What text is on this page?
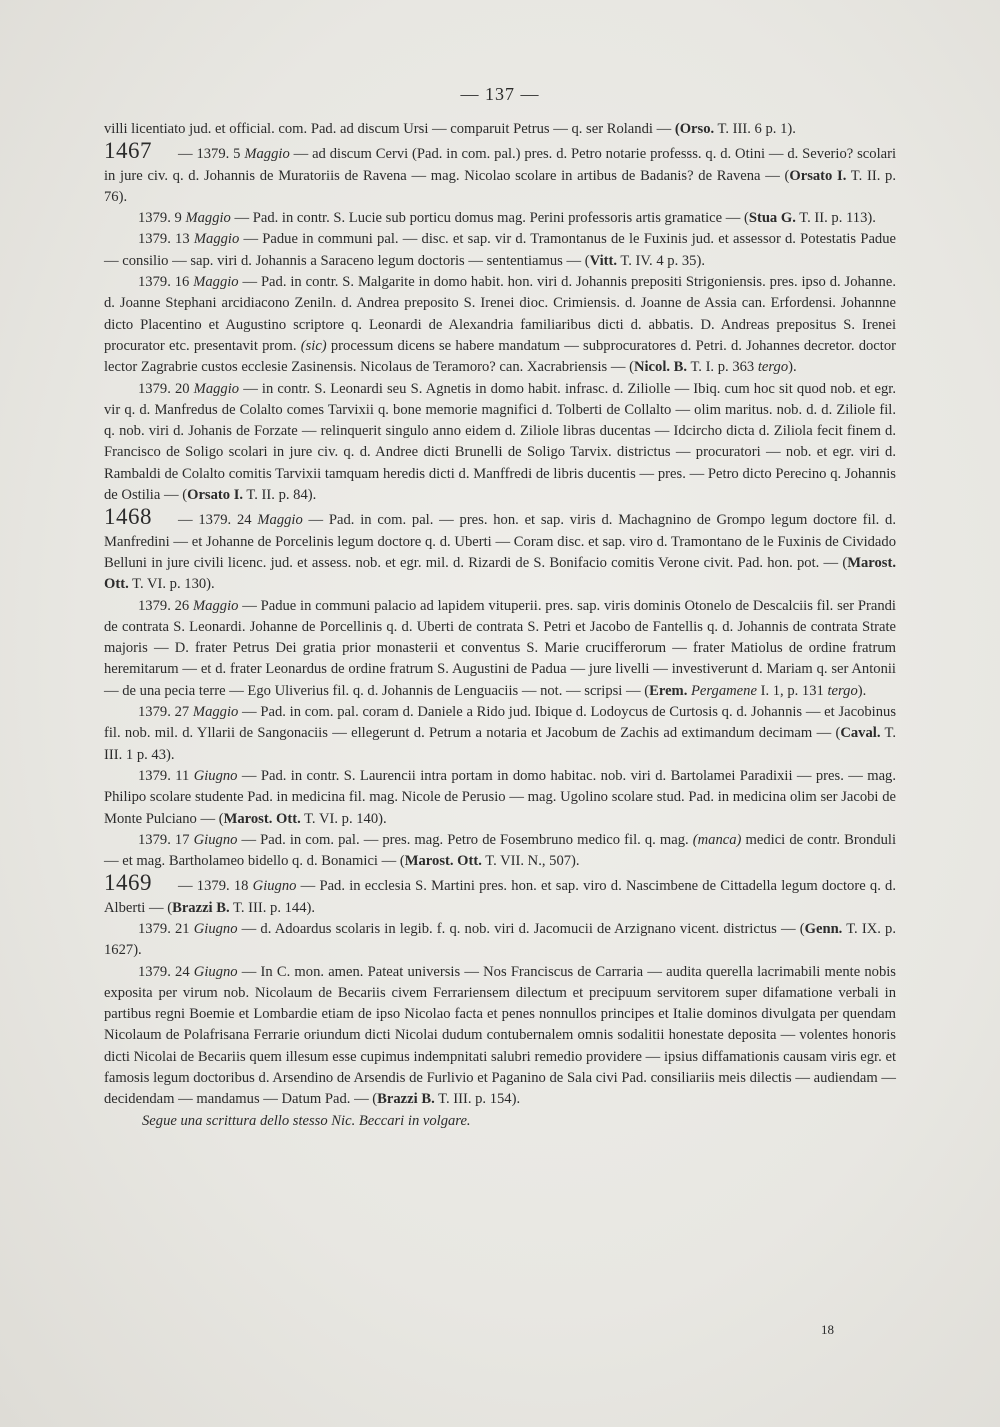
— 137 —

villi licentiato jud. et official. com. Pad. ad discum Ursi — comparuit Petrus — q. ser Rolandi — (Orso. T. III. 6 p. 1).

1467 — 1379. 5 Maggio — ad discum Cervi (Pad. in com. pal.) pres. d. Petro notarie professs. q. d. Otini — d. Severio? scolari in jure civ. q. d. Johannis de Muratoriis de Ravena — mag. Nicolao scolare in artibus de Badanis? de Ravena — (Orsato I. T. II. p. 76).

1379. 9 Maggio — Pad. in contr. S. Lucie sub porticu domus mag. Perini professoris artis gramatice — (Stua G. T. II. p. 113).

1379. 13 Maggio — Padue in communi pal. — disc. et sap. vir d. Tramontanus de le Fuxinis jud. et assessor d. Potestatis Padue — consilio — sap. viri d. Johannis a Saraceno legum doctoris — sententiamus — (Vitt. T. IV. 4 p. 35).

1379. 16 Maggio — Pad. in contr. S. Malgarite in domo habit. hon. viri d. Johannis prepositi Strigoniensis. pres. ipso d. Johanne. d. Joanne Stephani arcidiacono Zeniln. d. Andrea preposito S. Irenei dioc. Crimiensis. d. Joanne de Assia can. Erfordensi. Johannne dicto Placentino et Augustino scriptore q. Leonardi de Alexandria familiaribus dicti d. abbatis. D. Andreas prepositus S. Irenei procurator etc. presentavit prom. (sic) processum dicens se habere mandatum — subprocuratores d. Petri. d. Johannes decretor. doctor lector Zagrabrie custos ecclesie Zasinensis. Nicolaus de Teramoro? can. Xacrabriensis — (Nicol. B. T. I. p. 363 tergo).

1379. 20 Maggio — in contr. S. Leonardi seu S. Agnetis in domo habit. infrasc. d. Ziliolle — Ibiq. cum hoc sit quod nob. et egr. vir q. d. Manfredus de Colalto comes Tarvixii q. bone memorie magnifici d. Tolberti de Collalto — olim maritus. nob. d. d. Ziliole fil. q. nob. viri d. Johanis de Forzate — relinquerit singulo anno eidem d. Ziliole libras ducentas — Idcircho dicta d. Ziliola fecit finem d. Francisco de Soligo scolari in jure civ. q. d. Andree dicti Brunelli de Soligo Tarvix. districtus — procuratori — nob. et egr. viri d. Rambaldi de Colalto comitis Tarvixii tamquam heredis dicti d. Manffredi de libris ducentis — pres. — Petro dicto Perecino q. Johannis de Ostilia — (Orsato I. T. II. p. 84).

1468 — 1379. 24 Maggio — Pad. in com. pal. — pres. hon. et sap. viris d. Machagnino de Grompo legum doctore fil. d. Manfredini — et Johanne de Porcelinis legum doctore q. d. Uberti — Coram disc. et sap. viro d. Tramontano de le Fuxinis de Cividado Belluni in jure civili licenc. jud. et assess. nob. et egr. mil. d. Rizardi de S. Bonifacio comitis Verone civit. Pad. hon. pot. — (Marost. Ott. T. VI. p. 130).

1379. 26 Maggio — Padue in communi palacio ad lapidem vituperii. pres. sap. viris dominis Otonelo de Descalciis fil. ser Prandi de contrata S. Leonardi. Johanne de Porcellinis q. d. Uberti de contrata S. Petri et Jacobo de Fantellis q. d. Johannis de contrata Strate majoris — D. frater Petrus Dei gratia prior monasterii et conventus S. Marie crucifferorum — frater Matiolus de ordine fratrum heremitarum — et d. frater Leonardus de ordine fratrum S. Augustini de Padua — jure livelli — investiverunt d. Mariam q. ser Antonii — de una pecia terre — Ego Uliverius fil. q. d. Johannis de Lenguaciis — not. — scripsi — (Erem. Pergamene I. 1, p. 131 tergo).

1379. 27 Maggio — Pad. in com. pal. coram d. Daniele a Rido jud. Ibique d. Lodoycus de Curtosis q. d. Johannis — et Jacobinus fil. nob. mil. d. Yllarii de Sangonaciis — ellegerunt d. Petrum a notaria et Jacobum de Zachis ad extimandum decimam — (Caval. T. III. 1 p. 43).

1379. 11 Giugno — Pad. in contr. S. Laurencii intra portam in domo habitac. nob. viri d. Bartolamei Paradixii — pres. — mag. Philipo scolare studente Pad. in medicina fil. mag. Nicole de Perusio — mag. Ugolino scolare stud. Pad. in medicina olim ser Jacobi de Monte Pulciano — (Marost. Ott. T. VI. p. 140).

1379. 17 Giugno — Pad. in com. pal. — pres. mag. Petro de Fosembruno medico fil. q. mag. (manca) medici de contr. Bronduli — et mag. Bartholameo bidello q. d. Bonamici — (Marost. Ott. T. VII. N., 507).

1469 — 1379. 18 Giugno — Pad. in ecclesia S. Martini pres. hon. et sap. viro d. Nascimbene de Cittadella legum doctore q. d. Alberti — (Brazzi B. T. III. p. 144).

1379. 21 Giugno — d. Adoardus scolaris in legib. f. q. nob. viri d. Jacomucii de Arzignano vicent. districtus — (Genn. T. IX. p. 1627).

1379. 24 Giugno — In C. mon. amen. Pateat universis — Nos Franciscus de Carraria — audita querella lacrimabili mente nobis exposita per virum nob. Nicolaum de Becariis civem Ferrariensem dilectum et precipuum servitorem super difamatione verbali in partibus regni Boemie et Lombardie etiam de ipso Nicolao facta et penes nonnullos principes et Italie dominos divulgata per quendam Nicolaum de Polafrisana Ferrarie oriundum dicti Nicolai dudum contubernalem omnis sodalitii honestate deposita — volentes honoris dicti Nicolai de Becariis quem illesum esse cupimus indempnitati salubri remedio providere — ipsius diffamationis causam viris egr. et famosis legum doctoribus d. Arsendino de Arsendis de Furlivio et Paganino de Sala civi Pad. consiliariis meis dilectis — audiendam — decidendam — mandamus — Datum Pad. — (Brazzi B. T. III. p. 154).

Segue una scrittura dello stesso Nic. Beccari in volgare.
18
